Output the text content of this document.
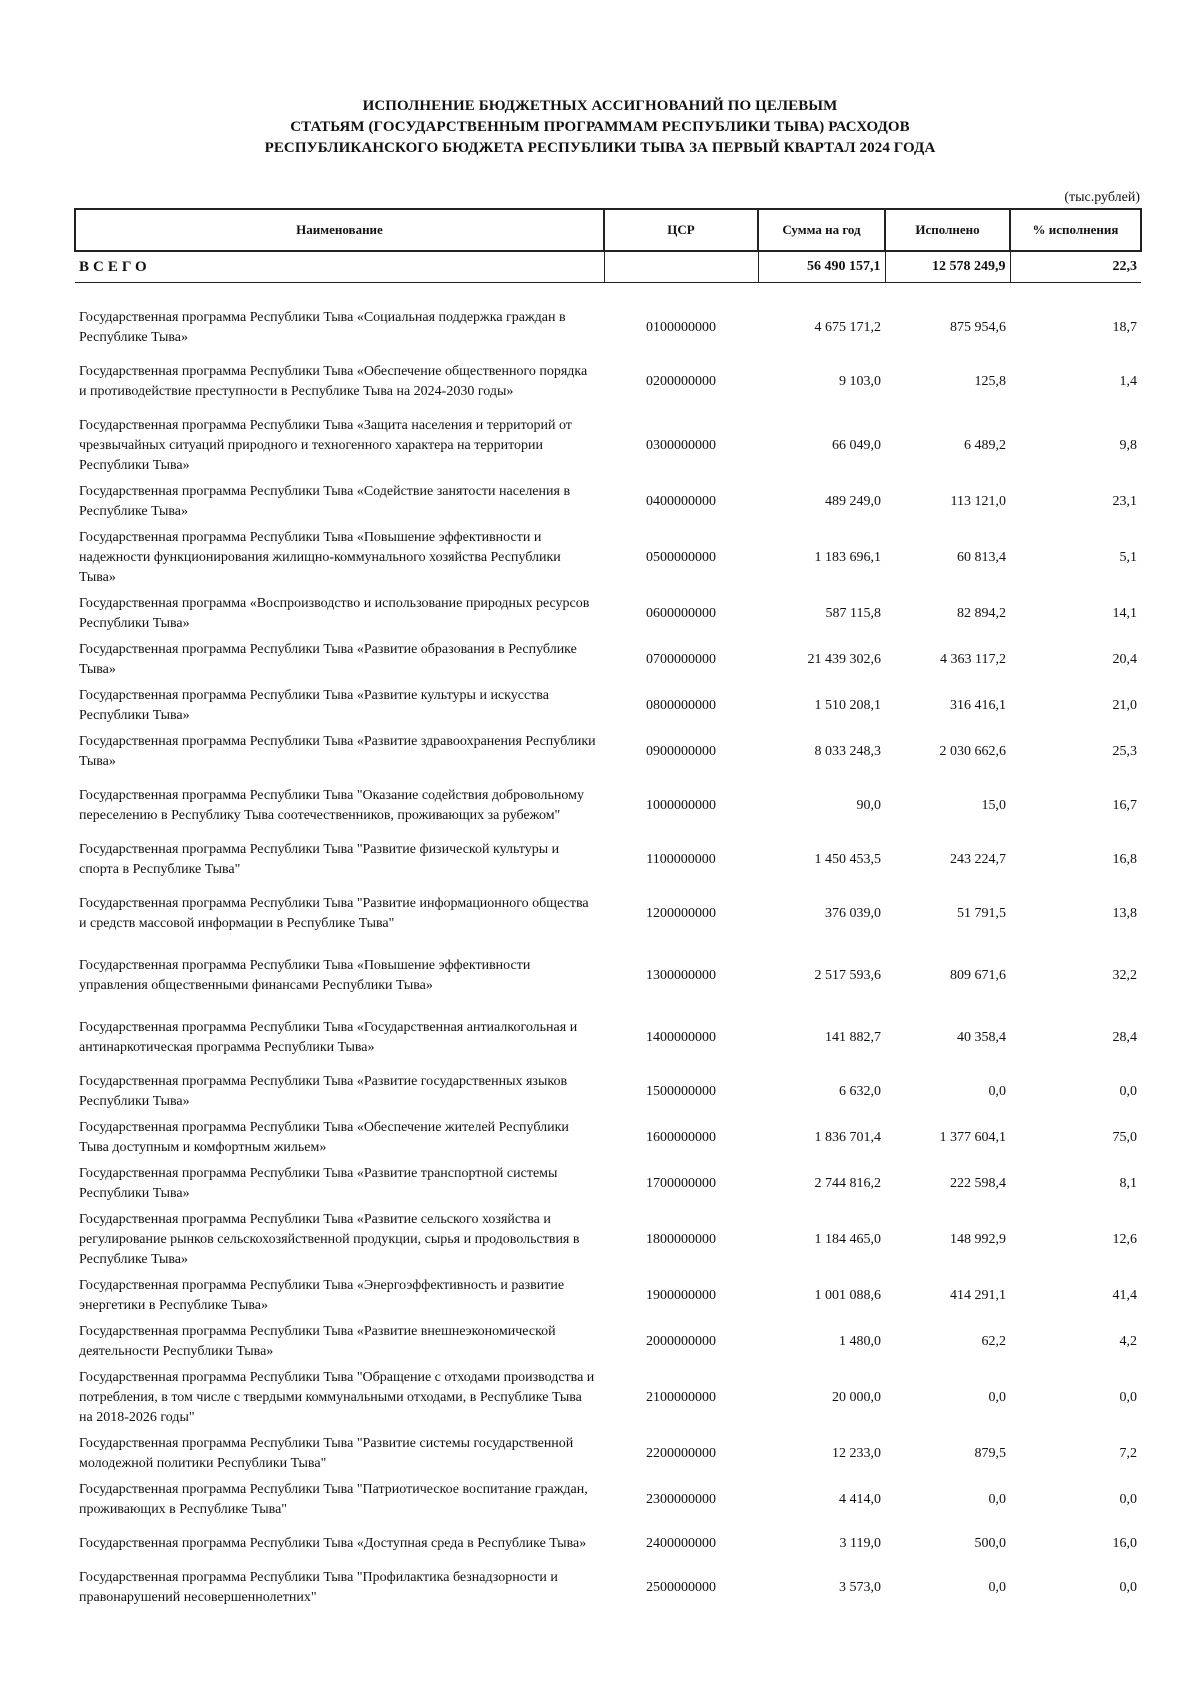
ИСПОЛНЕНИЕ БЮДЖЕТНЫХ АССИГНОВАНИЙ ПО ЦЕЛЕВЫМ
СТАТЬЯМ (ГОСУДАРСТВЕННЫМ ПРОГРАММАМ РЕСПУБЛИКИ ТЫВА) РАСХОДОВ
РЕСПУБЛИКАНСКОГО БЮДЖЕТА РЕСПУБЛИКИ ТЫВА ЗА ПЕРВЫЙ КВАРТАЛ 2024 ГОДА
(тыс.рублей)
Наименование	ЦСР	Сумма на год	Исполнено	% исполнения
ВСЕГО		56 490 157,1	12 578 249,9	22,3

Государственная программа Республики Тыва «Социальная поддержка граждан в Республике Тыва»	0100000000	4 675 171,2	875 954,6	18,7
Государственная программа Республики Тыва «Обеспечение общественного порядка и противодействие преступности в Республике Тыва на 2024-2030 годы»	0200000000	9 103,0	125,8	1,4
Государственная программа Республики Тыва «Защита населения и территорий от чрезвычайных ситуаций природного и техногенного характера на территории Республики Тыва»	0300000000	66 049,0	6 489,2	9,8
Государственная программа Республики Тыва «Содействие занятости населения в Республике Тыва»	0400000000	489 249,0	113 121,0	23,1
Государственная программа Республики Тыва «Повышение эффективности и надежности функционирования жилищно-коммунального хозяйства Республики Тыва»	0500000000	1 183 696,1	60 813,4	5,1
Государственная программа «Воспроизводство и использование природных ресурсов Республики Тыва»	0600000000	587 115,8	82 894,2	14,1
Государственная программа Республики Тыва «Развитие образования в Республике Тыва»	0700000000	21 439 302,6	4 363 117,2	20,4
Государственная программа Республики Тыва «Развитие культуры и искусства Республики Тыва»	0800000000	1 510 208,1	316 416,1	21,0
Государственная программа Республики Тыва «Развитие здравоохранения Республики Тыва»	0900000000	8 033 248,3	2 030 662,6	25,3
Государственная программа Республики Тыва "Оказание содействия добровольному переселению в Республику Тыва соотечественников, проживающих за рубежом"	1000000000	90,0	15,0	16,7
Государственная программа Республики Тыва "Развитие физической культуры и спорта в Республике Тыва"	1100000000	1 450 453,5	243 224,7	16,8
Государственная программа Республики Тыва "Развитие информационного общества и средств массовой информации в Республике Тыва"	1200000000	376 039,0	51 791,5	13,8
Государственная программа Республики Тыва «Повышение эффективности управления общественными финансами Республики Тыва»	1300000000	2 517 593,6	809 671,6	32,2
Государственная программа Республики Тыва «Государственная антиалкогольная и антинаркотическая программа Республики Тыва»	1400000000	141 882,7	40 358,4	28,4
Государственная программа Республики Тыва «Развитие государственных языков Республики Тыва»	1500000000	6 632,0	0,0	0,0
Государственная программа Республики Тыва «Обеспечение жителей Республики Тыва доступным и комфортным жильем»	1600000000	1 836 701,4	1 377 604,1	75,0
Государственная программа Республики Тыва «Развитие транспортной системы Республики Тыва»	1700000000	2 744 816,2	222 598,4	8,1
Государственная программа Республики Тыва «Развитие сельского хозяйства и регулирование рынков сельскохозяйственной продукции, сырья и продовольствия в Республике Тыва»	1800000000	1 184 465,0	148 992,9	12,6
Государственная программа Республики Тыва «Энергоэффективность и развитие энергетики в Республике Тыва»	1900000000	1 001 088,6	414 291,1	41,4
Государственная программа Республики Тыва «Развитие внешнеэкономической деятельности Республики Тыва»	2000000000	1 480,0	62,2	4,2
Государственная программа Республики Тыва "Обращение с отходами производства и потребления, в том числе с твердыми коммунальными отходами, в Республике Тыва на 2018-2026 годы"	2100000000	20 000,0	0,0	0,0
Государственная программа Республики Тыва "Развитие системы государственной молодежной политики Республики Тыва"	2200000000	12 233,0	879,5	7,2
Государственная программа Республики Тыва "Патриотическое воспитание граждан, проживающих в Республике Тыва"	2300000000	4 414,0	0,0	0,0
Государственная программа Республики Тыва «Доступная среда в Республике Тыва»	2400000000	3 119,0	500,0	16,0
Государственная программа Республики Тыва "Профилактика безнадзорности и правонарушений несовершеннолетних"	2500000000	3 573,0	0,0	0,0
